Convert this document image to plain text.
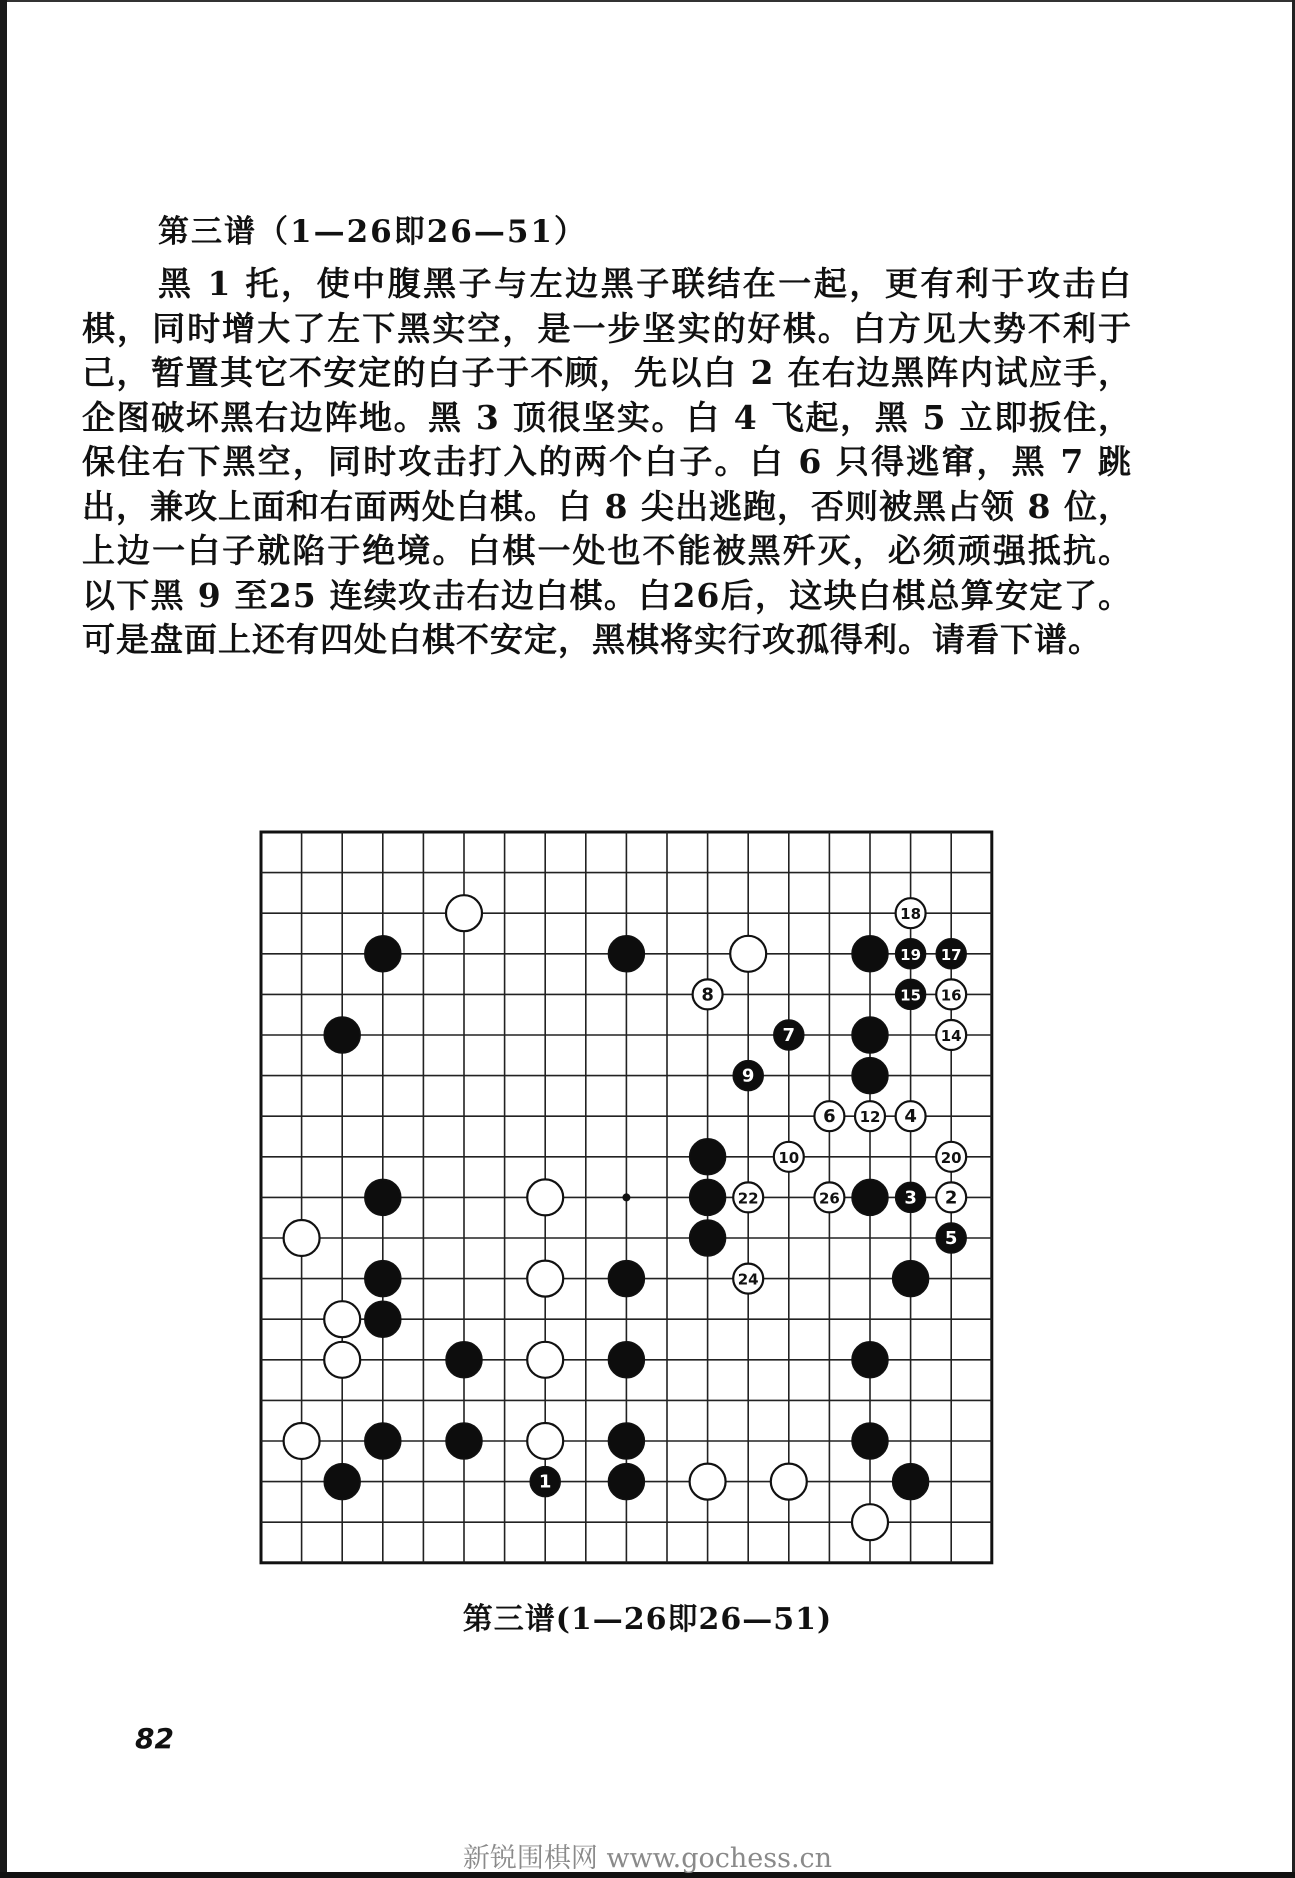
第三谱（1—26即26—51）
黑 1 托，使中腹黑子与左边黑子联结在一起，更有利于攻击白棋，同时增大了左下黑实空，是一步坚实的好棋。白方见大势不利于己，暂置其它不安定的白子于不顾，先以白 2 在右边黑阵内试应手，企图破坏黑右边阵地。黑 3 顶很坚实。白 4 飞起，黑 5 立即扳住，保住右下黑空，同时攻击打入的两个白子。白 6 只得逃窜，黑 7 跳出，兼攻上面和右面两处白棋。白 8 尖出逃跑，否则被黑占领 8 位，上边一白子就陷于绝境。白棋一处也不能被黑歼灭，必须顽强抵抗。以下黑 9 至25 连续攻击右边白棋。白26后，这块白棋总算安定了。可是盘面上还有四处白棋不安定，黑棋将实行攻孤得利。请看下谱。
1
2
3
4
5
6
7
8
9
10
12
14
15 16
17
18
19
20
22
24
26
第三谱(1—26即26—51)
82
新锐围棋网 www.gochess.cn
